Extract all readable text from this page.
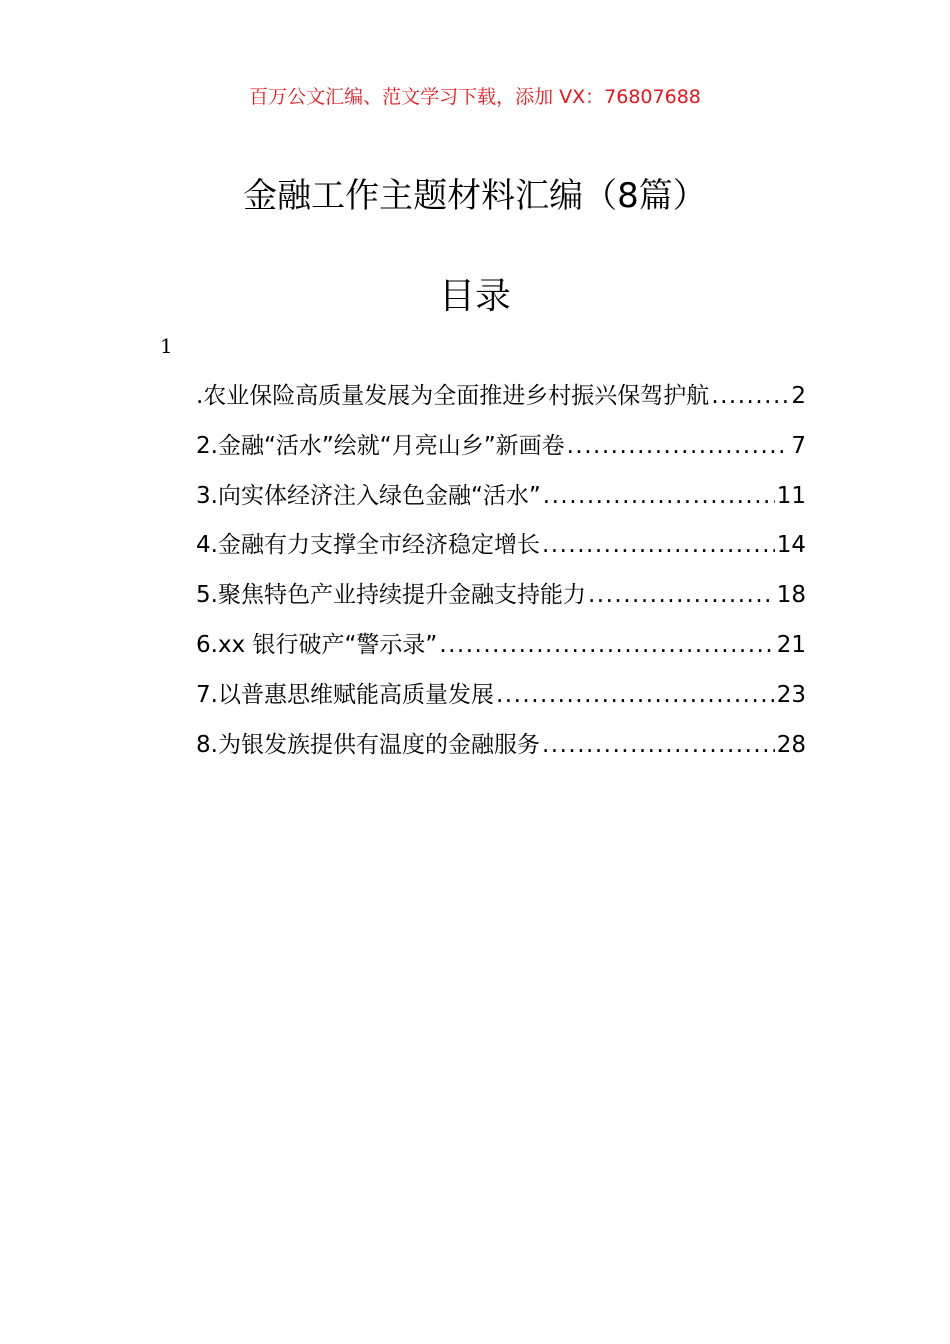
百万公文汇编、范文学习下载，添加 VX：76807688
金融工作主题材料汇编（8篇）
目录
1
.农业保险高质量发展为全面推进乡村振兴保驾护航 .....	2
2.金融“活水”绘就“月亮山乡”新画卷 .....	7
3.向实体经济注入绿色金融“活水” .....	11
4.金融有力支撑全市经济稳定增长 .....	14
5.聚焦特色产业持续提升金融支持能力 .....	18
6.xx 银行破产“警示录” .....	21
7.以普惠思维赋能高质量发展 .....	23
8.为银发族提供有温度的金融服务 .....	28
